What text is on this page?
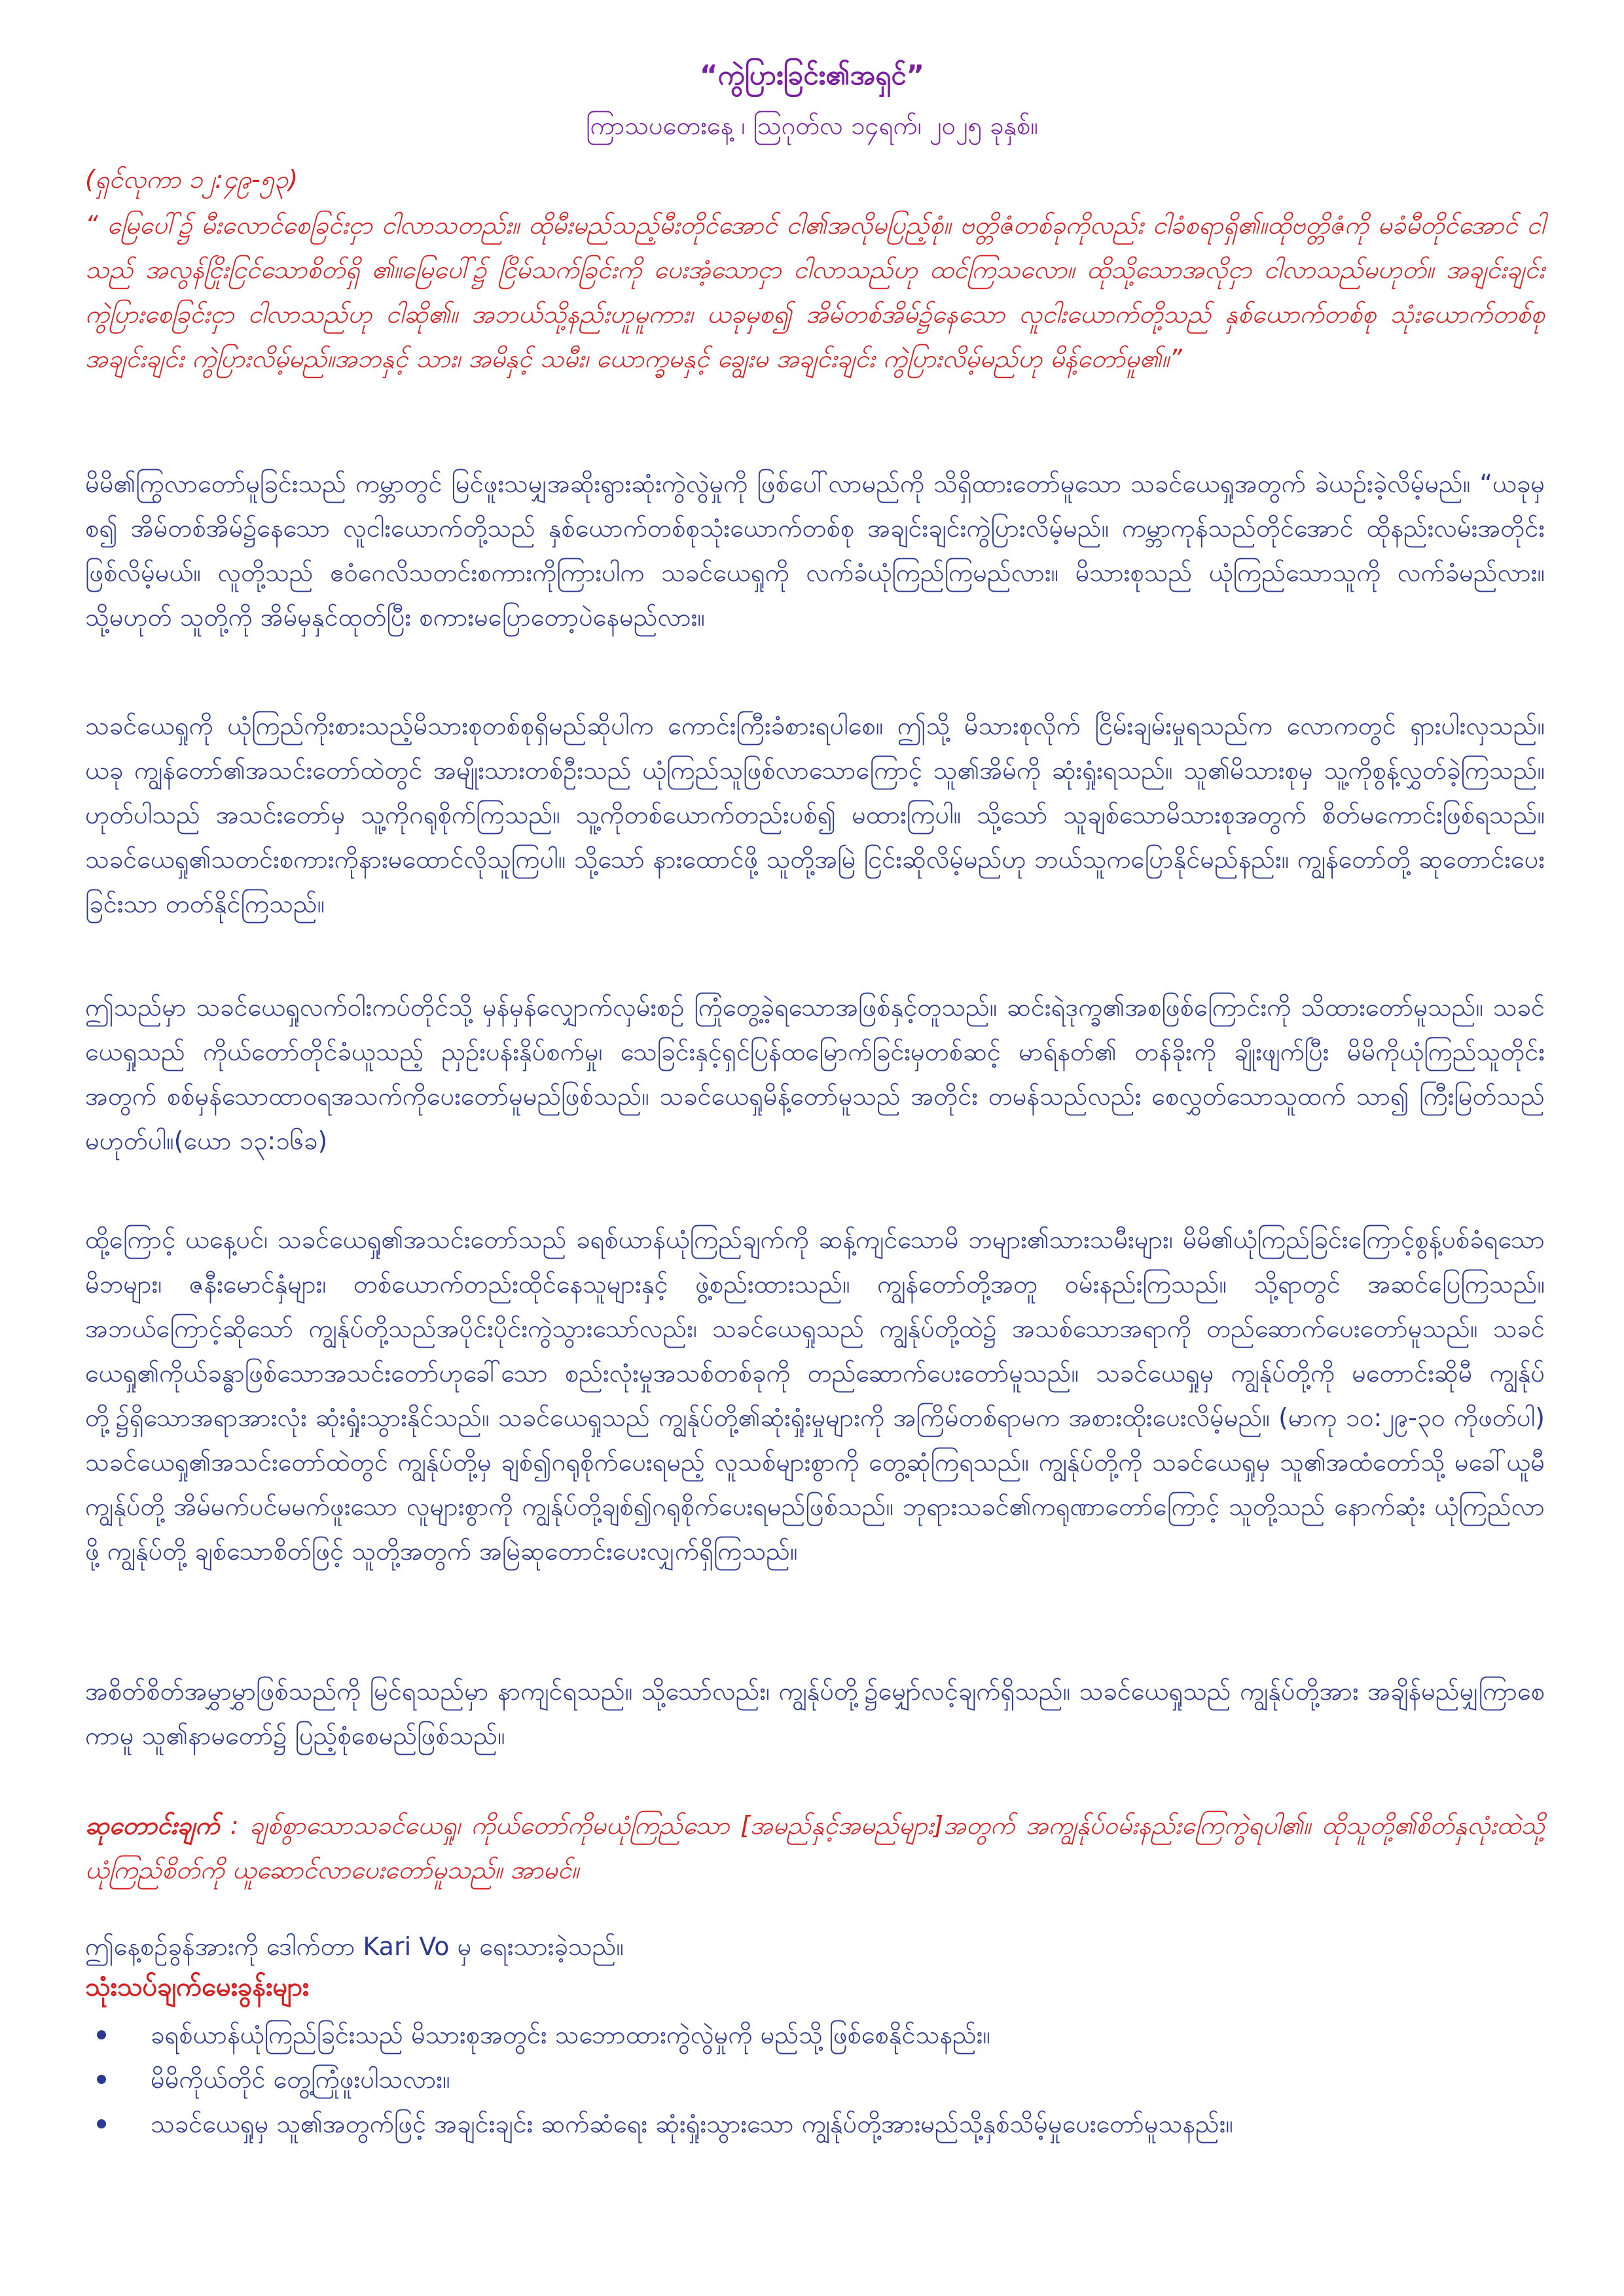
“ကွဲပြားခြင်း၏အရှင်”
ကြာသပတေးနေ့ ၊ သြဂုတ်လ ၁၄ရက်၊ ၂၀၂၅ ခုနှစ်။
(ရှင်လုကာ ၁၂:၄၉-၅၃)

“ မြေပေါ်၌ မီးလောင်စေခြင်းငှာ ငါလာသတည်း။ ထိုမီးမည်သည့်မီးတိုင်အောင် ငါ၏အလိုမပြည့်စုံ။ ဗတ္တိဇံတစ်ခုကိုလည်း ငါခံစရာရှိ၏။ထိုဗတ္တိဇံကို မခံမီတိုင်အောင် ငါသည် အလွန်ငြိုးငြင်သောစိတ်ရှိ ၏။မြေပေါ်၌ ငြိမ်သက်ခြင်းကို ပေးအံ့သောငှာ ငါလာသည်ဟု ထင်ကြသလော။ ထိုသို့သောအလိုငှာ ငါလာသည်မဟုတ်။ အချင်းချင်းကွဲပြားစေခြင်းငှာ ငါလာသည်ဟု ငါဆို၏။ အဘယ်သို့နည်းဟူမူကား၊ ယခုမှစ၍ အိမ်တစ်အိမ်၌နေသော လူငါးယောက်တို့သည် နှစ်ယောက်တစ်စု သုံးယောက်တစ်စု အချင်းချင်း ကွဲပြားလိမ့်မည်။အဘနှင့် သား၊ အမိနှင့် သမီး၊ ယောက္ခမနှင့် ချွေးမ အချင်းချင်း ကွဲပြားလိမ့်မည်ဟု မိန့်တော်မူ၏။”

မိမိ၏ကြွလာတော်မူခြင်းသည် ကမ္ဘာတွင် မြင်ဖူးသမျှအဆိုးရွားဆုံးကွဲလွဲမှုကို ဖြစ်ပေါ်လာမည်ကို သိရှိထားတော်မူသော သခင်ယေရှုအတွက် ခဲယဉ်းခဲ့လိမ့်မည်။ “ယခုမှစ၍ အိမ်တစ်အိမ်၌နေသော လူငါးယောက်တို့သည် နှစ်ယောက်တစ်စုသုံးယောက်တစ်စု အချင်းချင်းကွဲပြားလိမ့်မည်။ ကမ္ဘာကုန်သည်တိုင်အောင် ထိုနည်းလမ်းအတိုင်းဖြစ်လိမ့်မယ်။ လူတို့သည် ဧဝံဂေလိသတင်းစကားကိုကြားပါက သခင်ယေရှုကို လက်ခံယုံကြည်ကြမည်လား။ မိသားစုသည် ယုံကြည်သောသူကို လက်ခံမည်လား။ သို့မဟုတ် သူတို့ကို အိမ်မှနှင်ထုတ်ပြီး စကားမပြောတော့ပဲနေမည်လား။

သခင်ယေရှုကို ယုံကြည်ကိုးစားသည့်မိသားစုတစ်စုရှိမည်ဆိုပါက ကောင်းကြီးခံစားရပါစေ။ ဤသို့ မိသားစုလိုက် ငြိမ်းချမ်းမှုရသည်က လောကတွင် ရှားပါးလှသည်။ ယခု ကျွန်တော်၏အသင်းတော်ထဲတွင် အမျိုးသားတစ်ဦးသည် ယုံကြည်သူဖြစ်လာသောကြောင့် သူ၏အိမ်ကို ဆုံးရှုံးရသည်။ သူ၏မိသားစုမှ သူ့ကိုစွန့်လွှတ်ခဲ့ကြသည်။ ဟုတ်ပါသည် အသင်းတော်မှ သူ့ကိုဂရုစိုက်ကြသည်။ သူ့ကိုတစ်ယောက်တည်းပစ်၍ မထားကြပါ။ သို့သော် သူချစ်သောမိသားစုအတွက် စိတ်မကောင်းဖြစ်ရသည်။ သခင်ယေရှု၏သတင်းစကားကိုနားမထောင်လိုသူကြပါ။ သို့သော် နားထောင်ဖို့ သူတို့အမြဲ ငြင်းဆိုလိမ့်မည်ဟု ဘယ်သူကပြောနိုင်မည်နည်း။ ကျွန်တော်တို့ ဆုတောင်းပေးခြင်းသာ တတ်နိုင်ကြသည်။

ဤသည်မှာ သခင်ယေရှုလက်ဝါးကပ်တိုင်သို့ မှန်မှန်လျှောက်လှမ်းစဉ် ကြုံတွေ့ခဲ့ရသောအဖြစ်နှင့်တူသည်။ ဆင်းရဲဒုက္ခ၏အစဖြစ်ကြောင်းကို သိထားတော်မူသည်။ သခင်ယေရှုသည် ကိုယ်တော်တိုင်ခံယူသည့် ညှဉ်းပန်းနှိပ်စက်မှု၊ သေခြင်းနှင့်ရှင်ပြန်ထမြောက်ခြင်းမှတစ်ဆင့် မာရ်နတ်၏ တန်ခိုးကို ချိုးဖျက်ပြီး မိမိကိုယုံကြည်သူတိုင်းအတွက် စစ်မှန်သောထာဝရအသက်ကိုပေးတော်မူမည်ဖြစ်သည်။ သခင်ယေရှုမိန့်တော်မူသည် အတိုင်း တမန်သည်လည်း စေလွှတ်သောသူထက် သာ၍ ကြီးမြတ်သည်မဟုတ်ပါ။(ယော ၁၃:၁၆ခ)

ထို့ကြောင့် ယနေ့ပင်၊ သခင်ယေရှု၏အသင်းတော်သည် ခရစ်ယာန်ယုံကြည်ချက်ကို ဆန့်ကျင်သောမိ ဘများ၏သားသမီးများ၊ မိမိ၏ယုံကြည်ခြင်းကြောင့်စွန့်ပစ်ခံရသောမိဘများ၊ ဇနီးမောင်နှံများ၊ တစ်ယောက်တည်းထိုင်နေသူများနှင့် ဖွဲ့စည်းထားသည်။ ကျွန်တော်တို့အတူ ဝမ်းနည်းကြသည်။ သို့ရာတွင် အဆင်ပြေကြသည်။ အဘယ်ကြောင့်ဆိုသော် ကျွန်ုပ်တို့သည်အပိုင်းပိုင်းကွဲသွားသော်လည်း၊ သခင်ယေရှုသည် ကျွန်ုပ်တို့ထဲ၌ အသစ်သောအရာကို တည်ဆောက်ပေးတော်မူသည်။ သခင်ယေရှု၏ကိုယ်ခန္ဓာဖြစ်သောအသင်းတော်ဟုခေါ်သော စည်းလုံးမှုအသစ်တစ်ခုကို တည်ဆောက်ပေးတော်မူသည်။ သခင်ယေရှုမှ ကျွန်ုပ်တို့ကို မတောင်းဆိုမီ ကျွန်ုပ်တို့၌ရှိသောအရာအားလုံး ဆုံးရှုံးသွားနိုင်သည်။ သခင်ယေရှုသည် ကျွန်ုပ်တို့၏ဆုံးရှုံးမှုများကို အကြိမ်တစ်ရာမက အစားထိုးပေးလိမ့်မည်။ (မာကု ၁၀:၂၉-၃၀ ကိုဖတ်ပါ) သခင်ယေရှု၏အသင်းတော်ထဲတွင် ကျွန်ုပ်တို့မှ ချစ်၍ဂရုစိုက်ပေးရမည့် လူသစ်များစွာကို တွေ့ဆုံကြရသည်။ ကျွန်ုပ်တို့ကို သခင်ယေရှုမှ သူ၏အထံတော်သို့ မခေါ်ယူမီ ကျွန်ုပ်တို့ အိမ်မက်ပင်မမက်ဖူးသော လူများစွာကို ကျွန်ုပ်တို့ချစ်၍ဂရုစိုက်ပေးရမည်ဖြစ်သည်။ ဘုရားသခင်၏ကရုဏာတော်ကြောင့် သူတို့သည် နောက်ဆုံး ယုံကြည်လာဖို့ ကျွန်ုပ်တို့ ချစ်သောစိတ်ဖြင့် သူတို့အတွက် အမြဲဆုတောင်းပေးလျှက်ရှိကြသည်။

အစိတ်စိတ်အမွှာမွှာဖြစ်သည်ကို မြင်ရသည်မှာ နာကျင်ရသည်။ သို့သော်လည်း၊ ကျွန်ုပ်တို့၌မျှော်လင့်ချက်ရှိသည်။ သခင်ယေရှုသည် ကျွန်ုပ်တို့အား အချိန်မည်မျှကြာစေကာမူ သူ၏နာမတော်၌ ပြည့်စုံစေမည်ဖြစ်သည်။

ဆုတောင်းချက် : ချစ်စွာသောသခင်ယေရှု၊ ကိုယ်တော်ကိုမယုံကြည်သော [အမည်နှင့်အမည်များ]အတွက် အကျွန်ုပ်ဝမ်းနည်းကြေကွဲရပါ၏။ ထိုသူတို့၏စိတ်နှလုံးထဲသို့ ယုံကြည်စိတ်ကို ယူဆောင်လာပေးတော်မူသည်။ အာမင်။

ဤနေ့စဉ်ခွန်အားကို ဒေါက်တာ Kari Vo မှ ရေးသားခဲ့သည်။
သုံးသပ်ချက်မေးခွန်းများ
ခရစ်ယာန်ယုံကြည်ခြင်းသည် မိသားစုအတွင်း သဘောထားကွဲလွဲမှုကို မည်သို့ဖြစ်စေနိုင်သနည်း။
မိမိကိုယ်တိုင် တွေ့ကြုံဖူးပါသလား။
သခင်ယေရှုမှ သူ၏အတွက်ဖြင့် အချင်းချင်း ဆက်ဆံရေး ဆုံးရှုံးသွားသော ကျွန်ုပ်တို့အားမည်သို့နှစ်သိမ့်မှုပေးတော်မူသနည်း။
